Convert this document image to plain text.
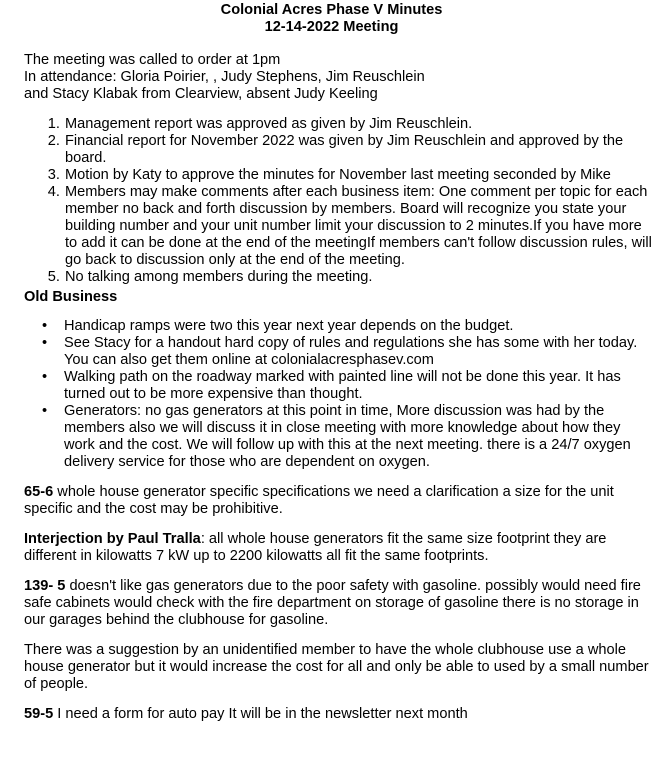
Colonial Acres Phase V Minutes
12-14-2022 Meeting
The meeting was called to order at 1pm
In attendance: Gloria Poirier, , Judy Stephens, Jim Reuschlein
and Stacy Klabak from Clearview, absent Judy Keeling
1. Management report was approved as given by Jim Reuschlein.
2. Financial report for November 2022 was given by Jim Reuschlein and approved by the board.
3. Motion by Katy to approve the minutes for November last meeting seconded by Mike
4. Members may make comments after each business item: One comment per topic for each member no back and forth discussion by members. Board will recognize you state your building number and your unit number limit your discussion to 2 minutes.If you have more to add it can be done at the end of the meetingIf members can't follow discussion rules, will go back to discussion only at the end of the meeting.
5. No talking among members during the meeting.
Old Business
• Handicap ramps were two this year next year depends on the budget.
• See Stacy for a handout hard copy of rules and regulations she has some with her today. You can also get them online at colonialacresphasev.com
• Walking path on the roadway marked with painted line will not be done this year. It has turned out to be more expensive than thought.
• Generators: no gas generators at this point in time, More discussion was had by the members also we will discuss it in close meeting with more knowledge about how they work and the cost. We will follow up with this at the next meeting. there is a 24/7 oxygen delivery service for those who are dependent on oxygen.

65-6 whole house generator specific specifications we need a clarification a size for the unit specific and the cost may be prohibitive.

Interjection by Paul Tralla: all whole house generators fit the same size footprint they are different in kilowatts 7 kW up to 2200 kilowatts all fit the same footprints.

139- 5 doesn't like gas generators due to the poor safety with gasoline. possibly would need fire safe cabinets would check with the fire department on storage of gasoline there is no storage in our garages behind the clubhouse for gasoline.

There was a suggestion by an unidentified member to have the whole clubhouse use a whole house generator but it would increase the cost for all and only be able to used by a small number of people.

59-5 I need a form for auto pay It will be in the newsletter next month
